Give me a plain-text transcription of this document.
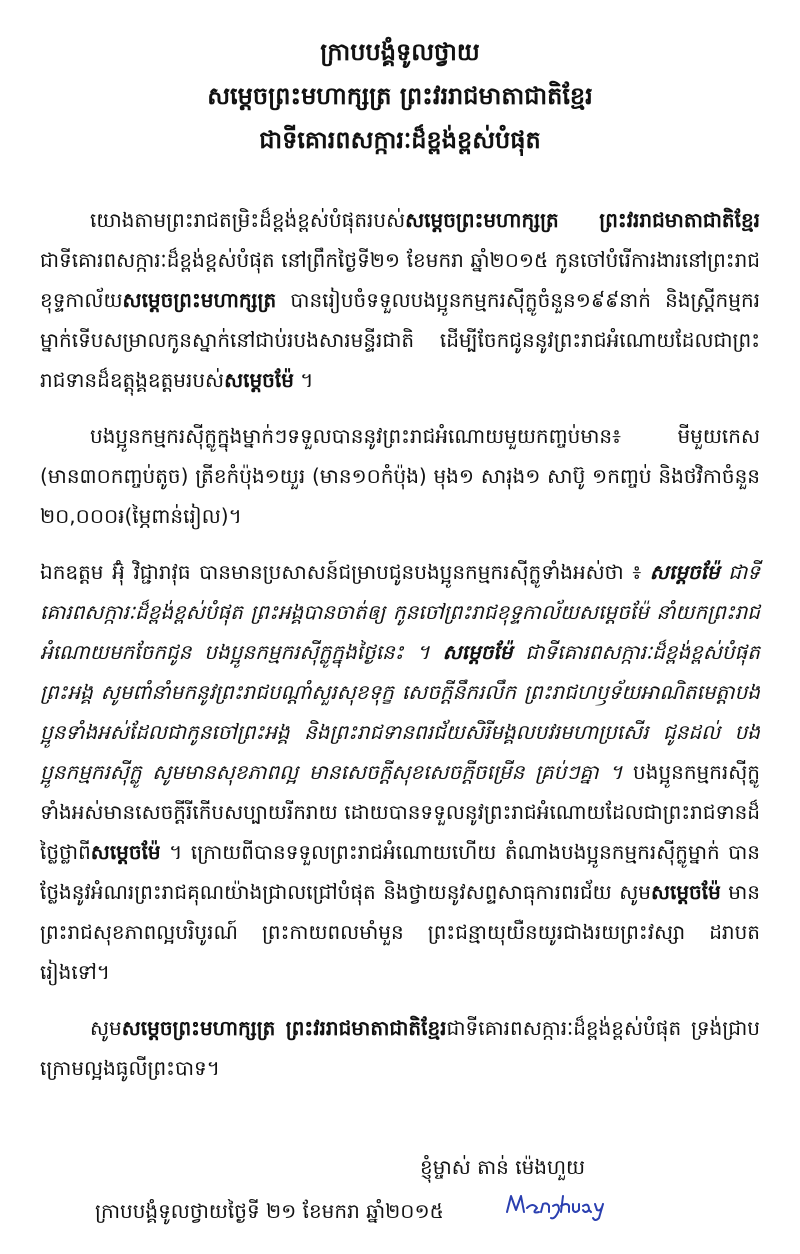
ក្រាបបង្គំទូលថ្វាយ
សម្តេចព្រះមហាក្សត្រ ព្រះវររាជមាតាជាតិខ្មែរ
ជាទីគោរពសក្ការៈដ៏ខ្ពង់ខ្ពស់បំផុត

យោងតាមព្រះរាជតម្រិះដ៏ខ្ពង់ខ្ពស់បំផុតរបស់សម្តេចព្រះមហាក្សត្រ ព្រះវររាជមាតាជាតិខ្មែរ ជាទីគោរពសក្ការៈដ៏ខ្ពង់ខ្ពស់បំផុត នៅព្រឹកថ្ងៃទី២១ ខែមករា ឆ្នាំ២០១៥ កូនចៅបំរើការងារនៅព្រះរាជខុទ្ទកាល័យសម្តេចព្រះមហាក្សត្រ បានរៀបចំទទួលបងប្អូនកម្មករស៊ីក្លូចំនួន១៩៩នាក់ និងស្ត្រីកម្មករម្នាក់ទើបសម្រាលកូនស្នាក់នៅជាប់របងសារមន្ទីរជាតិ ដើម្បីចែកជូននូវព្រះរាជអំណោយដែលជាព្រះរាជទានដ៏ឧត្តុង្គឧត្តមរបស់សម្តេចម៉ែ ។

បងប្អូនកម្មករស៊ីក្លូក្នុងម្នាក់ៗទទួលបាននូវព្រះរាជអំណោយមួយកញ្ចប់មាន៖ មីមួយកេស (មាន៣០កញ្ចប់តូច) ត្រីខកំប៉ុង១យួរ (មាន១០កំប៉ុង) មុង១ សារុង១ សាប៊ូ ១កញ្ចប់ និងថវិកាចំនួន ២០,០០០៛(ម្ភៃពាន់រៀល)។

ឯកឧត្តម អ៊ុំ វិជ្ជារាវុធ បានមានប្រសាសន៍ជម្រាបជូនបងប្អូនកម្មករស៊ីក្លូទាំងអស់ថា ៖ សម្តេចម៉ែ ជាទីគោរពសក្ការៈដ៏ខ្ពង់ខ្ពស់បំផុត ព្រះអង្គបានចាត់ឲ្យ កូនចៅព្រះរាជខុទ្ទកាល័យសម្តេចម៉ែ នាំយកព្រះរាជអំណោយមកចែកជូន បងប្អូនកម្មករស៊ីក្លូក្នុងថ្ងៃនេះ ។ សម្តេចម៉ែ ជាទីគោរពសក្ការៈដ៏ខ្ពង់ខ្ពស់បំផុត ព្រះអង្គ សូមពាំនាំមកនូវព្រះរាជបណ្តាំសួរសុខទុក្ខ សេចក្តីនឹករលឹក ព្រះរាជហឫទ័យអាណិតមេត្តាបងប្អូនទាំងអស់ដែលជាកូនចៅព្រះអង្គ និងព្រះរាជទានពរជ័យសិរីមង្គលបវរមហាប្រសើរ ជូនដល់ បងប្អូនកម្មករស៊ីក្លូ សូមមានសុខភាពល្អ មានសេចក្តីសុខសេចក្តីចម្រើន គ្រប់ៗគ្នា ។ បងប្អូនកម្មករស៊ីក្លូទាំងអស់មានសេចក្តីរីកើបសប្បាយរីករាយ ដោយបានទទួលនូវព្រះរាជអំណោយដែលជាព្រះរាជទានដ៏ថ្លៃថ្លាពីសម្តេចម៉ែ ។ ក្រោយពីបានទទួលព្រះរាជអំណោយហើយ តំណាងបងប្អូនកម្មករស៊ីក្លូម្នាក់ បានថ្លែងនូវអំណរព្រះរាជគុណយ៉ាងជ្រាលជ្រៅបំផុត និងថ្វាយនូវសព្ទសាធុការពរជ័យ សូមសម្តេចម៉ែ មានព្រះរាជសុខភាពល្អបរិបូរណ៍ ព្រះកាយពលមាំមួន ព្រះជន្មាយុយឺនយូរជាងរយព្រះវស្សា ដរាបតរៀងទៅ។

សូមសម្តេចព្រះមហាក្សត្រ ព្រះវររាជមាតាជាតិខ្មែរជាទីគោរពសក្ការៈដ៏ខ្ពង់ខ្ពស់បំផុត ទ្រង់ជ្រាបក្រោមល្អងធូលីព្រះបាទ។

ខ្ញុំម្ចាស់ តាន់ ម៉េងហួយ
ក្រាបបង្គំទូលថ្វាយថ្ងៃទី ២១ ខែមករា ឆ្នាំ២០១៥
